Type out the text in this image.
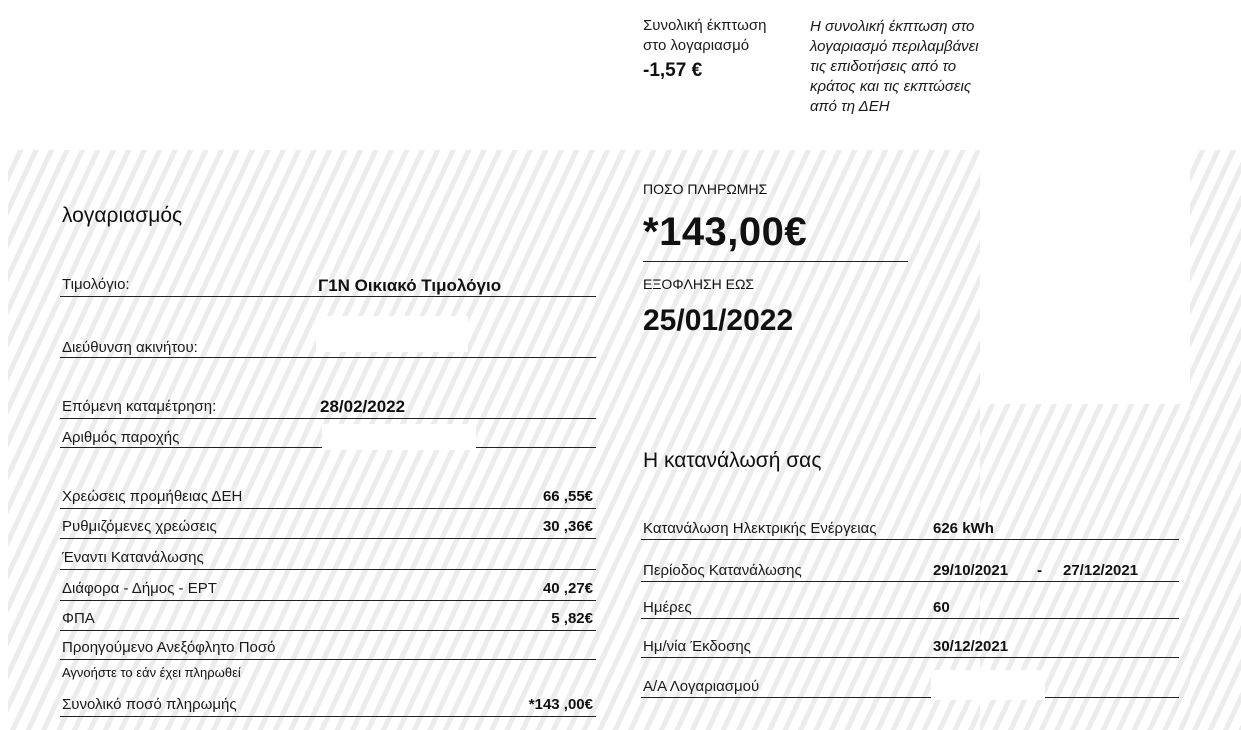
Συνολική έκπτωση
στο λογαριασμό
-1,57 €
Η συνολική έκπτωση στο λογαριασμό περιλαμβάνει τις επιδοτήσεις από το κράτος και τις εκπτώσεις από τη ΔΕΗ
ΠΟΣΟ ΠΛΗΡΩΜΗΣ
*143,00€
ΕΞΟΦΛΗΣΗ ΕΩΣ
25/01/2022
λογαριασμός
Τιμολόγιο:	Γ1Ν Οικιακό Τιμολόγιο
Διεύθυνση ακινήτου:
Επόμενη καταμέτρηση:	28/02/2022
Αριθμός παροχής
Χρεώσεις προμήθειας ΔΕΗ	66 ,55€
Ρυθμιζόμενες χρεώσεις	30 ,36€
Έναντι Κατανάλωσης
Διάφορα - Δήμος - ΕΡΤ	40 ,27€
ΦΠΑ	5 ,82€
Προηγούμενο Ανεξόφλητο Ποσό
Αγνοήστε το εάν έχει πληρωθεί
Συνολικό ποσό πληρωμής	*143 ,00€
Η κατανάλωσή σας
Κατανάλωση Ηλεκτρικής Ενέργειας	626 kWh
Περίοδος Κατανάλωσης	29/10/2021 - 27/12/2021
Ημέρες	60
Ημ/νία Έκδοσης	30/12/2021
Α/Α Λογαριασμού
